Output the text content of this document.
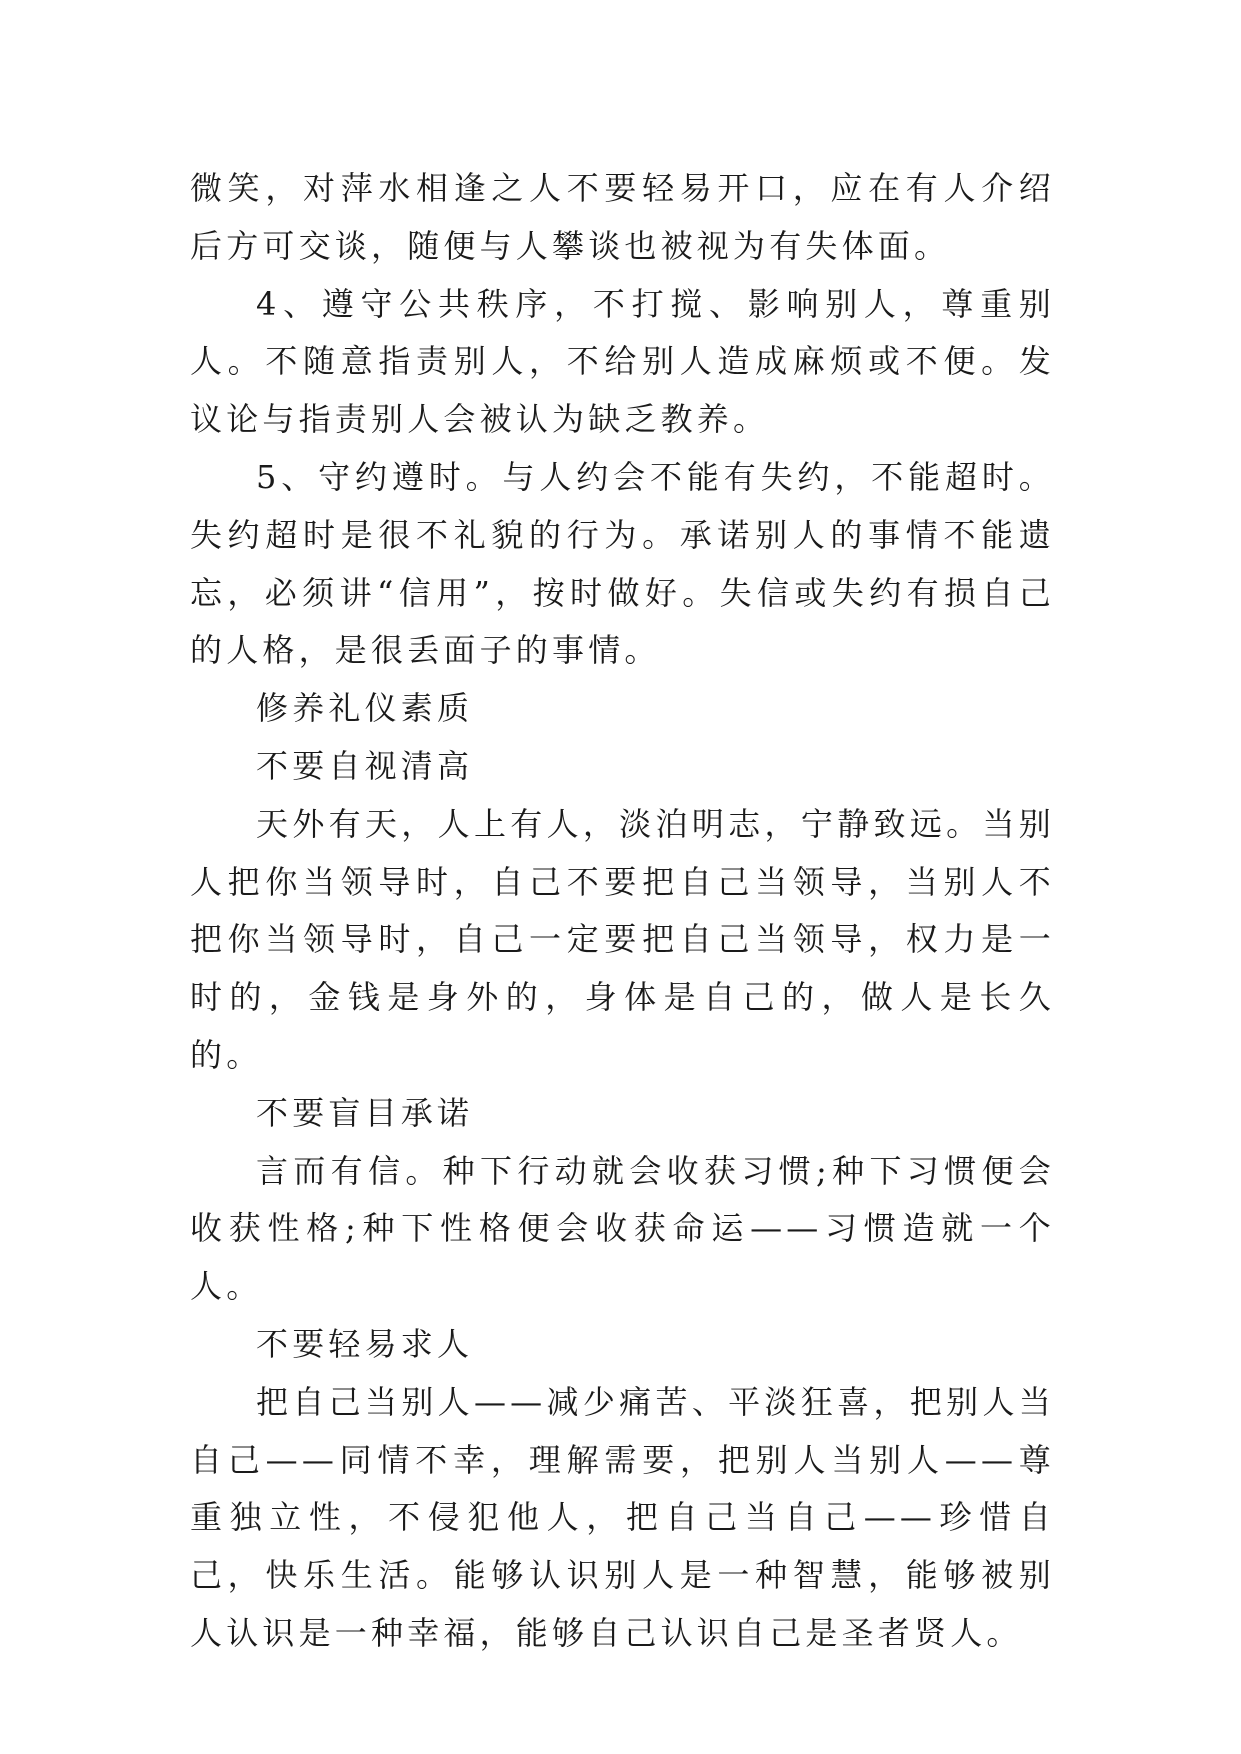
微笑，对萍水相逢之人不要轻易开口，应在有人介绍后方可交谈，随便与人攀谈也被视为有失体面。

4、遵守公共秩序，不打搅、影响别人，尊重别人。不随意指责别人，不给别人造成麻烦或不便。发议论与指责别人会被认为缺乏教养。

5、守约遵时。与人约会不能有失约，不能超时。失约超时是很不礼貌的行为。承诺别人的事情不能遗忘，必须讲“信用”，按时做好。失信或失约有损自己的人格，是很丢面子的事情。

修养礼仪素质

不要自视清高

天外有天，人上有人，淡泊明志，宁静致远。当别人把你当领导时，自己不要把自己当领导，当别人不把你当领导时，自己一定要把自己当领导，权力是一时的，金钱是身外的，身体是自己的，做人是长久的。

不要盲目承诺

言而有信。种下行动就会收获习惯;种下习惯便会收获性格;种下性格便会收获命运——习惯造就一个人。

不要轻易求人

把自己当别人——减少痛苦、平淡狂喜，把别人当自己——同情不幸，理解需要，把别人当别人——尊重独立性，不侵犯他人，把自己当自己——珍惜自己，快乐生活。能够认识别人是一种智慧，能够被别人认识是一种幸福，能够自己认识自己是圣者贤人。
